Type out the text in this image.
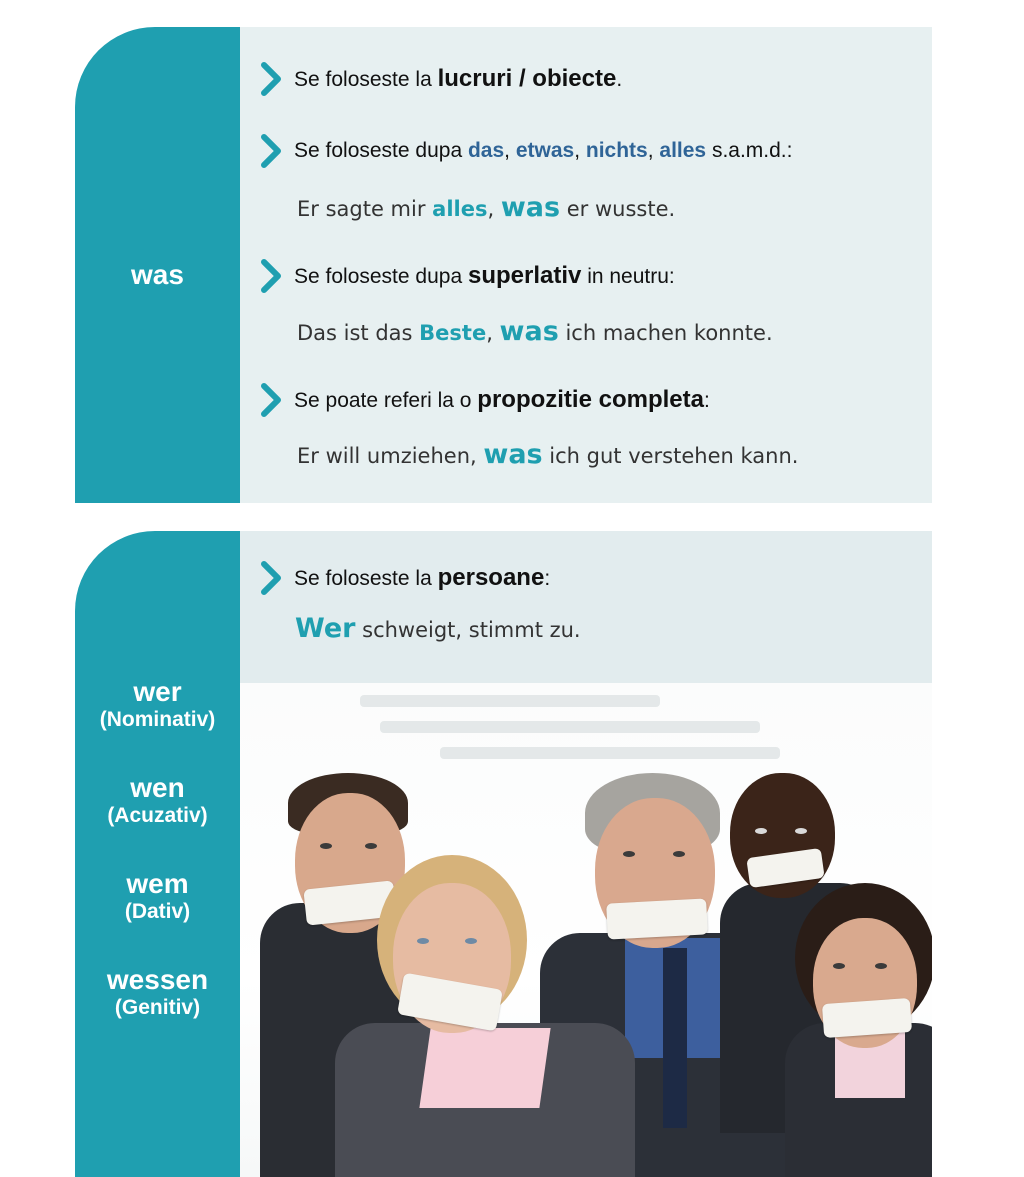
was
Se foloseste la lucruri / obiecte.
Se foloseste dupa das, etwas, nichts, alles s.a.m.d.:
Er sagte mir alles, was er wusste.
Se foloseste dupa superlativ in neutru:
Das ist das Beste, was ich machen konnte.
Se poate referi la o propozitie completa:
Er will umziehen, was ich gut verstehen kann.
wer
(Nominativ)
wen
(Acuzativ)
wem
(Dativ)
wessen
(Genitiv)
Se foloseste la persoane:
Wer schweigt, stimmt zu.
